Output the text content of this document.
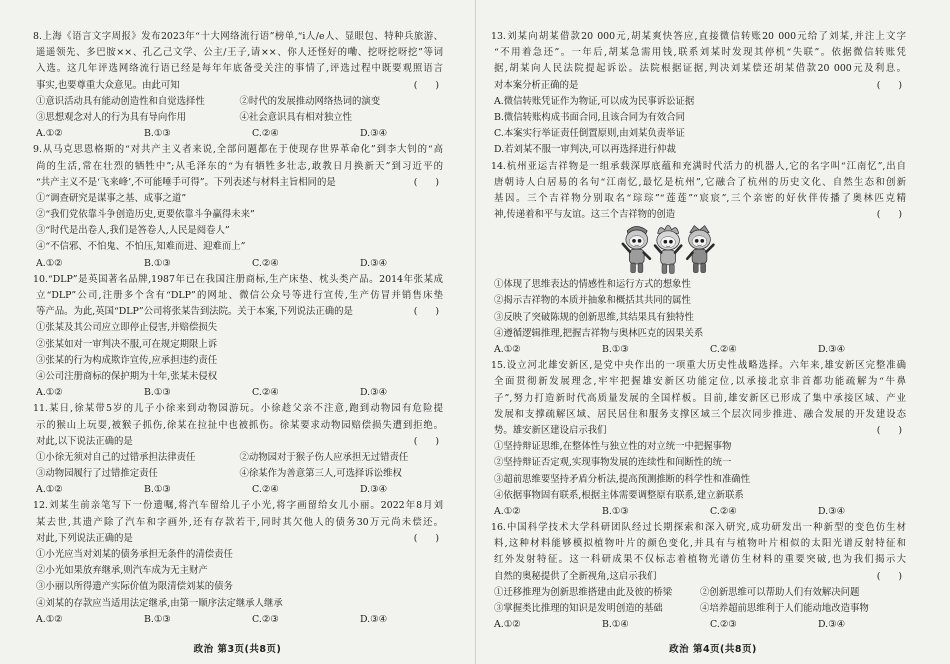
8.上海《语言文字周报》发布2023年“十大网络流行语”榜单,“i人/e人、显眼包、特种兵旅游、
遥遥领先、多巴胺××、孔乙己文学、公主/王子,请××、你人还怪好的嘞、挖呀挖呀挖”等词
入选。这几年评选网络流行语已经是每年年底备受关注的事情了,评选过程中既要观照语言
事实,也要尊重大众意见。由此可知	(      )
①意识活动具有能动创造性和自觉选择性	②时代的发展推动网络热词的演变
③思想观念对人的行为具有导向作用	④社会意识具有相对独立性
A.①②	B.①③	C.②④	D.③④
9.从马克思恩格斯的“对共产主义者来说,全部问题都在于使现存世界革命化”到李大钊的“高
尚的生活,常在壮烈的牺牲中”;从毛泽东的“为有牺牲多壮志,敢教日月换新天”到习近平的
“共产主义不是‘飞来峰’,不可能唾手可得”。下列表述与材料主旨相同的是	(      )
①“调查研究是谋事之基、成事之道”
②“我们党依靠斗争创造历史,更要依靠斗争赢得未来”
③“时代是出卷人,我们是答卷人,人民是阅卷人”
④“不信邪、不怕鬼、不怕压,知难而进、迎难而上”
A.①②	B.①③	C.②④	D.③④
10.“DLP”是英国著名品牌,1987年已在我国注册商标,生产床垫、枕头类产品。2014年张某成
立“DLP”公司,注册多个含有“DLP”的网址、微信公众号等进行宣传,生产仿冒并销售床垫
等产品。为此,英国“DLP”公司将张某告到法院。关于本案,下列说法正确的是	(      )
①张某及其公司应立即停止侵害,并赔偿损失
②张某如对一审判决不服,可在规定期限上诉
③张某的行为构成欺诈宣传,应承担违约责任
④公司注册商标的保护期为十年,张某未侵权
A.①②	B.①③	C.②④	D.③④
11.某日,徐某带5岁的儿子小徐来到动物园游玩。小徐趁父亲不注意,跑到动物园有危险提
示的猴山上玩耍,被猴子抓伤,徐某在拉扯中也被抓伤。徐某要求动物园赔偿损失遭到拒绝。
对此,以下说法正确的是	(      )
①小徐无须对自己的过错承担法律责任	②动物园对于猴子伤人应承担无过错责任
③动物园履行了过错推定责任	④徐某作为善意第三人,可选择诉讼维权
A.①②	B.①③	C.②④	D.③④
12.刘某生前亲笔写下一份遗嘱,将汽车留给儿子小光,将字画留给女儿小丽。2022年8月刘
某去世,其遗产除了汽车和字画外,还有存款若干,同时其欠他人的债务30万元尚未偿还。
对此,下列说法正确的是	(      )
①小光应当对刘某的债务承担无条件的清偿责任
②小光如果放弃继承,则汽车成为无主财产
③小丽以所得遗产实际价值为限清偿刘某的债务
④刘某的存款应当适用法定继承,由第一顺序法定继承人继承
A.①②	B.①③	C.②③	D.③④
政治 第3页(共8页)
13.刘某向胡某借款20 000元,胡某爽快答应,直接微信转账20 000元给了刘某,并注上文字
“不用着急还”。一年后,胡某急需用钱,联系刘某时发现其停机“失联”。依据微信转账凭
据,胡某向人民法院提起诉讼。法院根据证据,判决刘某偿还胡某借款20 000元及利息。
对本案分析正确的是	(      )
A.微信转账凭证作为物证,可以成为民事诉讼证据
B.微信转账构成书面合同,且该合同为有效合同
C.本案实行举证责任倒置原则,由刘某负责举证
D.若刘某不服一审判决,可以再选择进行仲裁
14.杭州亚运吉祥物是一组承载深厚底蕴和充满时代活力的机器人,它的名字叫“江南忆”,出自
唐朝诗人白居易的名句“江南忆,最忆是杭州”,它融合了杭州的历史文化、自然生态和创新
基因。三个吉祥物分别取名“琮琮”“莲莲”“宸宸”,三个亲密的好伙伴传播了奥林匹克精
神,传递着和平与友谊。这三个吉祥物的创造	(      )
①体现了思维表达的情感性和运行方式的想象性
②揭示吉祥物的本质并抽象和概括其共同的属性
③反映了突破陈规的创新思维,其结果具有独特性
④遵循逻辑推理,把握吉祥物与奥林匹克的因果关系
A.①②	B.①③	C.②④	D.③④
15.设立河北雄安新区,是党中央作出的一项重大历史性战略选择。六年来,雄安新区完整准确
全面贯彻新发展理念,牢牢把握雄安新区功能定位,以承接北京非首都功能疏解为“牛鼻
子”,努力打造新时代高质量发展的全国样板。目前,雄安新区已形成了集中承接区域、产业
发展和支撑疏解区域、居民居住和服务支撑区域三个层次同步推进、融合发展的开发建设态
势。雄安新区建设启示我们	(      )
①坚持辩证思维,在整体性与独立性的对立统一中把握事物
②坚持辩证否定观,实现事物发展的连续性和间断性的统一
③超前思维要坚持矛盾分析法,提高预测推断的科学性和准确性
④依据事物固有联系,根据主体需要调整原有联系,建立新联系
A.①②	B.①③	C.②④	D.③④
16.中国科学技术大学科研团队经过长期探索和深入研究,成功研发出一种新型的变色仿生材
料,这种材料能够模拟植物叶片的颜色变化,并具有与植物叶片相似的太阳光谱反射特征和
红外发射特征。这一科研成果不仅标志着植物光谱仿生材料的重要突破,也为我们揭示大
自然的奥秘提供了全新视角,这启示我们	(      )
①迁移推理为创新思维搭建由此及彼的桥梁	②创新思维可以帮助人们有效解决问题
③掌握类比推理的知识是发明创造的基础	④培养超前思维利于人们能动地改造事物
A.①②	B.①④	C.②③	D.③④
政治 第4页(共8页)
